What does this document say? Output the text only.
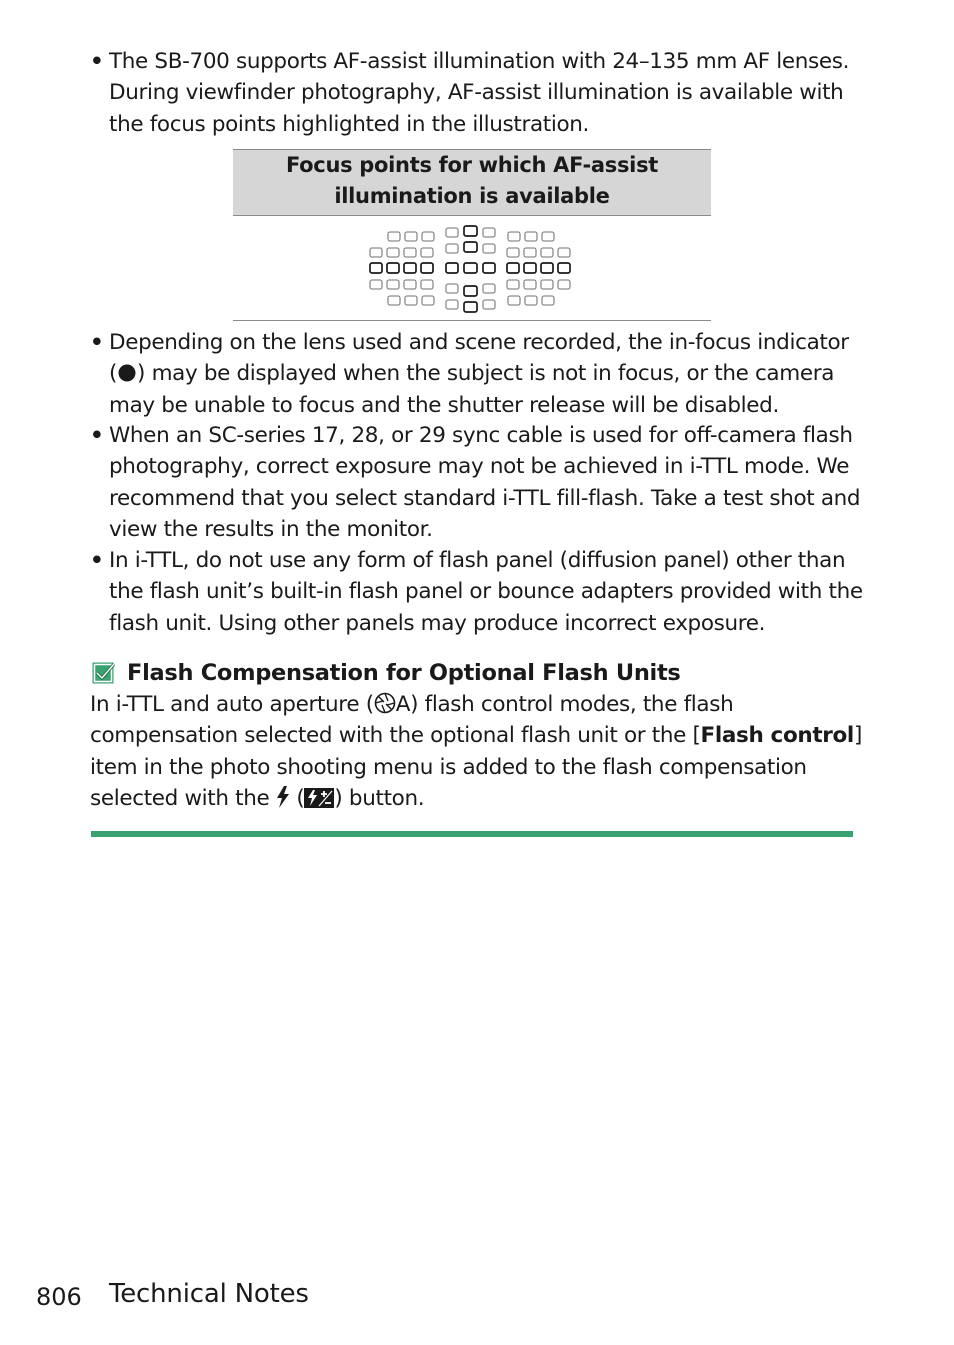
• The SB-700 supports AF-assist illumination with 24–135 mm AF lenses.
During viewfinder photography, AF-assist illumination is available with
the focus points highlighted in the illustration.
Focus points for which AF-assist
illumination is available
• Depending on the lens used and scene recorded, the in-focus indicator
( ) may be displayed when the subject is not in focus, or the camera
may be unable to focus and the shutter release will be disabled.
• When an SC-series 17, 28, or 29 sync cable is used for off-camera flash
photography, correct exposure may not be achieved in i-TTL mode. We
recommend that you select standard i-TTL fill-flash. Take a test shot and
view the results in the monitor.
• In i-TTL, do not use any form of flash panel (diffusion panel) other than
the flash unit’s built-in flash panel or bounce adapters provided with the
flash unit. Using other panels may produce incorrect exposure.
Flash Compensation for Optional Flash Units
In i-TTL and auto aperture ( A) flash control modes, the flash
compensation selected with the optional flash unit or the [Flash control]
item in the photo shooting menu is added to the flash compensation
selected with the  ( ) button.
806 Technical Notes
